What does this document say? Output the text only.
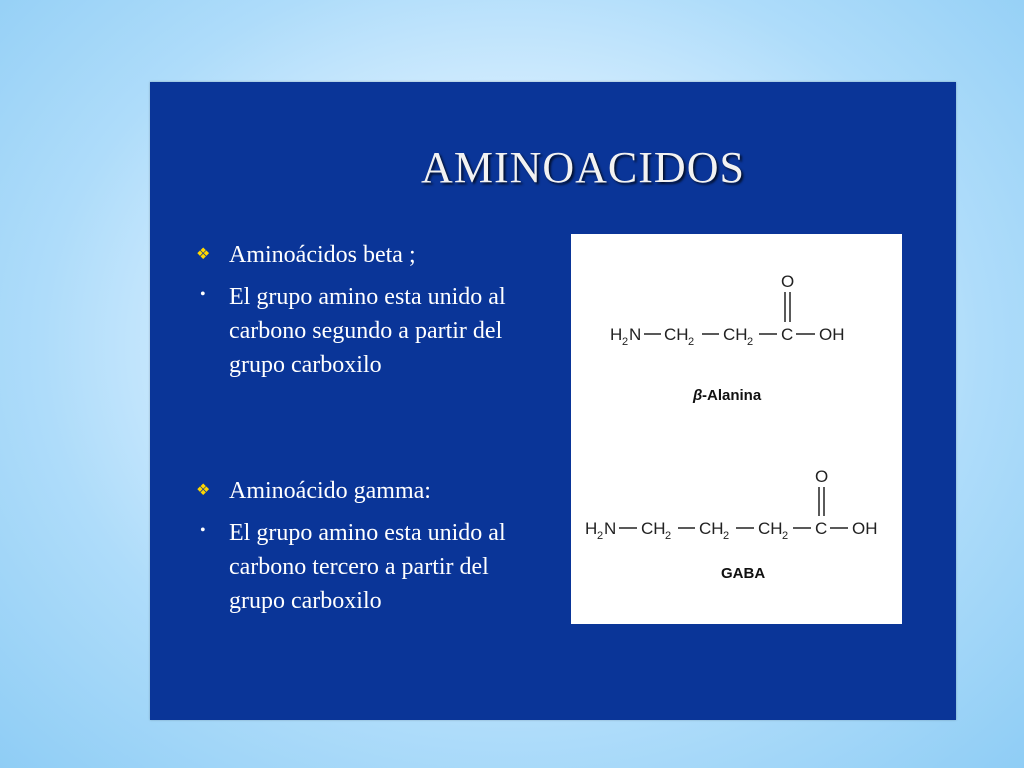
AMINOACIDOS
❖ Aminoácidos beta ;
• El grupo amino esta unido al
carbono segundo a partir del
grupo carboxilo
❖ Aminoácido gamma:
• El grupo amino esta unido al
carbono tercero a partir del
grupo carboxilo
H 2 N CH 2 CH 2 C OH
O
β -Alanina
H 2 N CH 2 CH 2 CH 2 C OH
O
GABA
